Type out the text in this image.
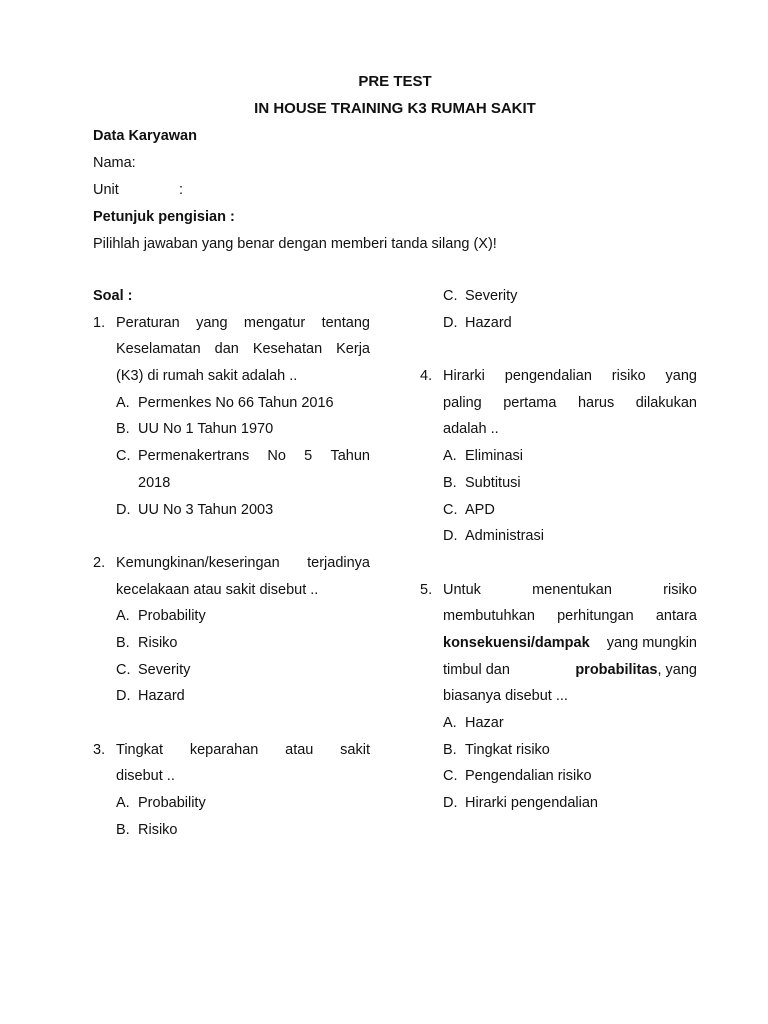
PRE TEST
IN HOUSE TRAINING K3 RUMAH SAKIT
Data Karyawan
Nama:
Unit	:
Petunjuk pengisian :
Pilihlah jawaban yang benar dengan memberi tanda silang (X)!
Soal :
1. Peraturan yang mengatur tentang
Keselamatan dan Kesehatan Kerja
(K3) di rumah sakit adalah ..
A. Permenkes No 66 Tahun 2016
B. UU No 1 Tahun 1970
C. Permenakertrans No 5 Tahun
2018
D. UU No 3 Tahun 2003
2. Kemungkinan/keseringan terjadinya
kecelakaan atau sakit disebut ..
A. Probability
B. Risiko
C. Severity
D. Hazard
3. Tingkat keparahan atau sakit
disebut ..
A. Probability
B. Risiko
C. Severity
D. Hazard
4. Hirarki pengendalian risiko yang
paling pertama harus dilakukan
adalah ..
A. Eliminasi
B. Subtitusi
C. APD
D. Administrasi
5. Untuk	menentukan	risiko
membutuhkan perhitungan antara
konsekuensi/dampak yang mungkin
timbul dan	probabilitas, yang
biasanya disebut ...
A. Hazar
B. Tingkat risiko
C. Pengendalian risiko
D. Hirarki pengendalian
